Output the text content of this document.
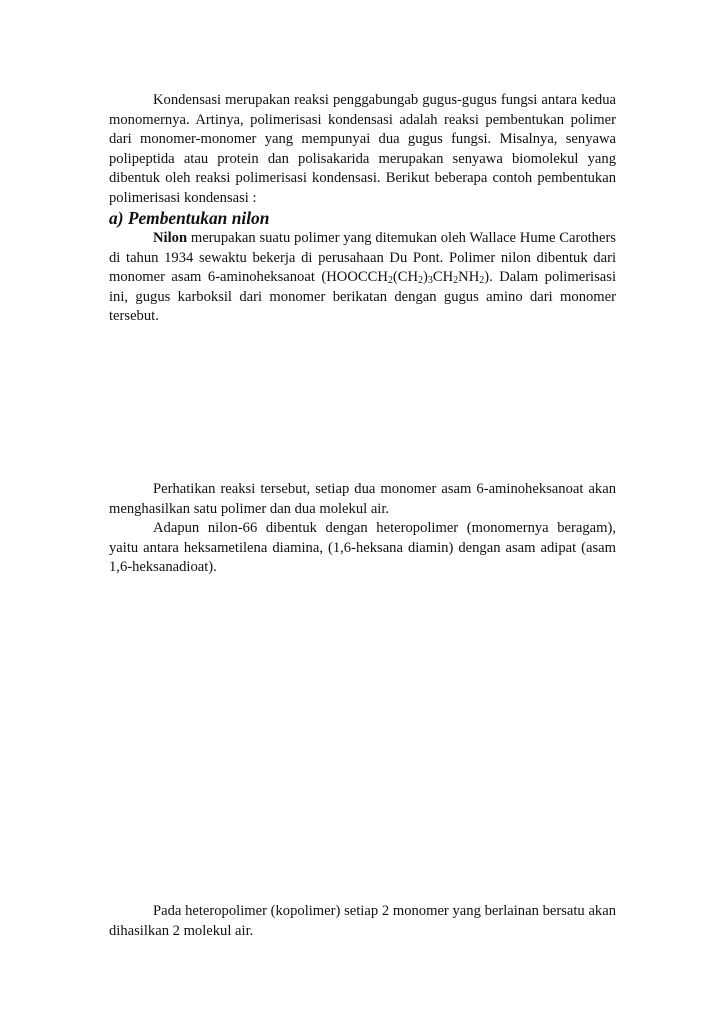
Kondensasi merupakan reaksi penggabungab gugus-gugus fungsi antara kedua monomernya. Artinya, polimerisasi kondensasi adalah reaksi pembentukan polimer dari monomer-monomer yang mempunyai dua gugus fungsi. Misalnya, senyawa polipeptida atau protein dan polisakarida merupakan senyawa biomolekul yang dibentuk oleh reaksi polimerisasi kondensasi. Berikut beberapa contoh pembentukan polimerisasi kondensasi :

a) Pembentukan nilon

Nilon merupakan suatu polimer yang ditemukan oleh Wallace Hume Carothers di tahun 1934 sewaktu bekerja di perusahaan Du Pont. Polimer nilon dibentuk dari monomer asam 6-aminoheksanoat $(HOOCCH_2(CH_2)_3CH_2NH_2)$. Dalam polimerisasi ini, gugus karboksil dari monomer berikatan dengan gugus amino dari monomer tersebut.

Perhatikan reaksi tersebut, setiap dua monomer asam 6-aminoheksanoat akan menghasilkan satu polimer dan dua molekul air.

Adapun nilon-66 dibentuk dengan heteropolimer (monomernya beragam), yaitu antara heksametilena diamina, (1,6-heksana diamin) dengan asam adipat (asam 1,6-heksanadioat).

Pada heteropolimer (kopolimer) setiap 2 monomer yang berlainan bersatu akan dihasilkan 2 molekul air.
